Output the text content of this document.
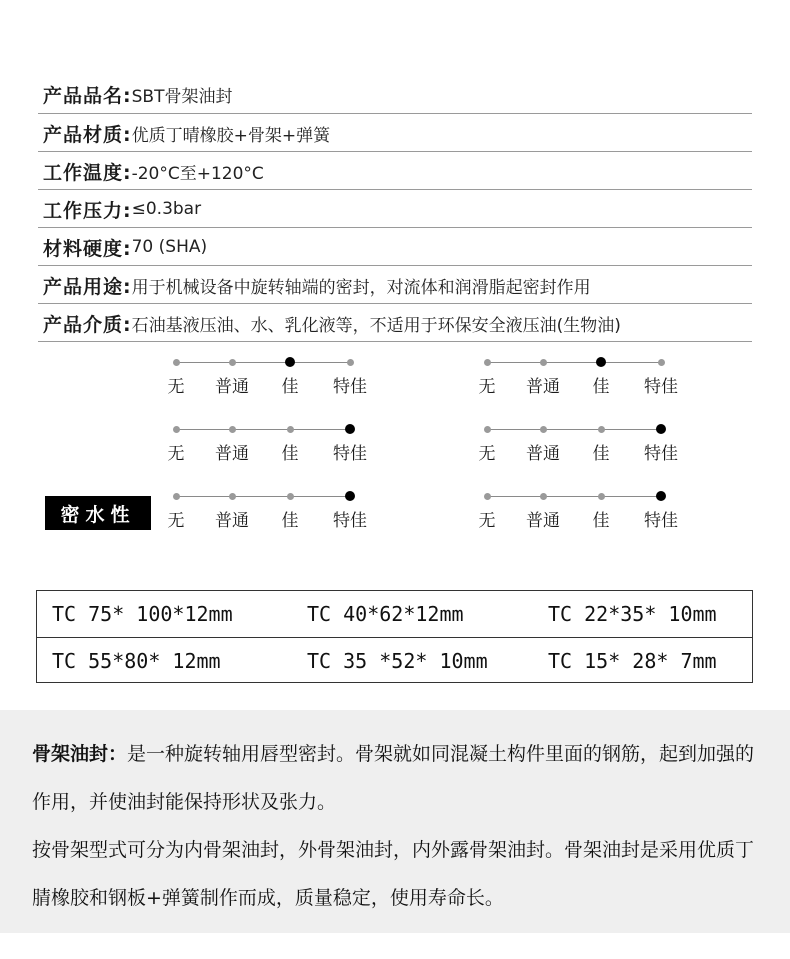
产品品名: SBT骨架油封
产品材质: 优质丁晴橡胶+骨架+弹簧
工作温度: -20°C至+120°C
工作压力: ≤0.3bar
材料硬度: 70 (SHA)
产品用途: 用于机械设备中旋转轴端的密封，对流体和润滑脂起密封作用
产品介质: 石油基液压油、水、乳化液等，不适用于环保安全液压油(生物油)
无 普通 佳 特佳	无 普通 佳 特佳
无 普通 佳 特佳	无 普通 佳 特佳
无 普通 佳 特佳	无 普通 佳 特佳
密水性
TC 75* 100*12mm	TC 40*62*12mm	TC 22*35* 10mm
TC 55*80* 12mm	TC 35 *52* 10mm	TC 15* 28* 7mm

骨架油封：是一种旋转轴用唇型密封。骨架就如同混凝土构件里面的钢筋，起到加强的作用，并使油封能保持形状及张力。

按骨架型式可分为内骨架油封，外骨架油封，内外露骨架油封。骨架油封是采用优质丁腈橡胶和钢板+弹簧制作而成，质量稳定，使用寿命长。
